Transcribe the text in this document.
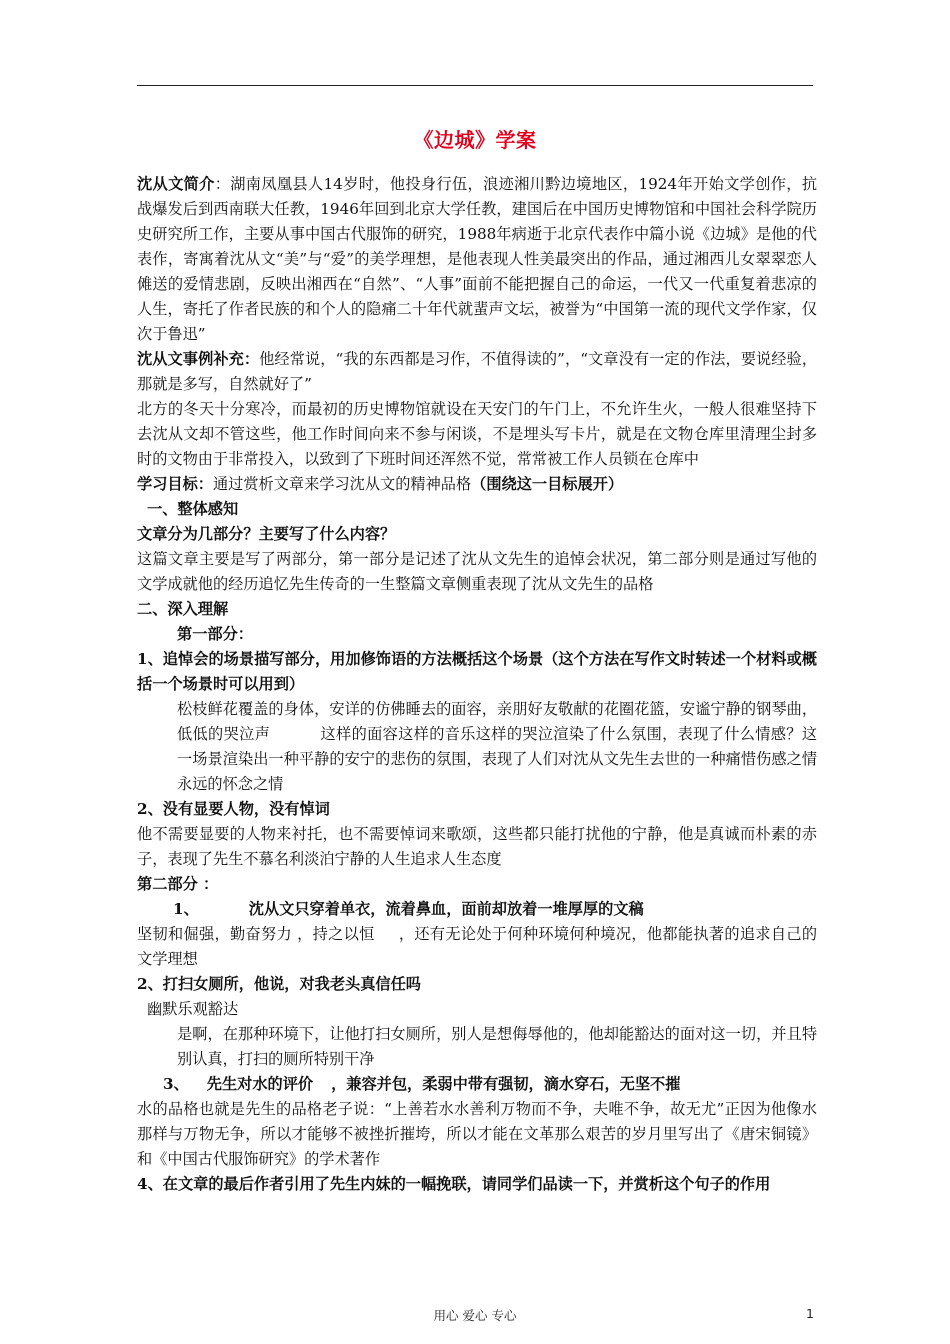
《边城》学案

沈从文简介：湖南凤凰县人14岁时，他投身行伍，浪迹湘川黔边境地区，1924年开始文学创作，抗战爆发后到西南联大任教，1946年回到北京大学任教，建国后在中国历史博物馆和中国社会科学院历史研究所工作，主要从事中国古代服饰的研究，1988年病逝于北京代表作中篇小说《边城》是他的代表作，寄寓着沈从文“美”与“爱”的美学理想，是他表现人性美最突出的作品，通过湘西儿女翠翠恋人傩送的爱情悲剧，反映出湘西在“自然”、“人事”面前不能把握自己的命运，一代又一代重复着悲凉的人生，寄托了作者民族的和个人的隐痛二十年代就蜚声文坛，被誉为“中国第一流的现代文学作家，仅次于鲁迅”

沈从文事例补充：他经常说，“我的东西都是习作，不值得读的”，“文章没有一定的作法，要说经验，那就是多写，自然就好了”

北方的冬天十分寒冷，而最初的历史博物馆就设在天安门的午门上，不允许生火，一般人很难坚持下去沈从文却不管这些，他工作时间向来不参与闲谈，不是埋头写卡片，就是在文物仓库里清理尘封多时的文物由于非常投入，以致到了下班时间还浑然不觉，常常被工作人员锁在仓库中

学习目标：通过赏析文章来学习沈从文的精神品格（围绕这一目标展开）

一、整体感知

文章分为几部分？主要写了什么内容？

这篇文章主要是写了两部分，第一部分是记述了沈从文先生的追悼会状况，第二部分则是通过写他的文学成就他的经历追忆先生传奇的一生整篇文章侧重表现了沈从文先生的品格

二、深入理解

第一部分：

1、追悼会的场景描写部分，用加修饰语的方法概括这个场景（这个方法在写作文时转述一个材料或概括一个场景时可以用到）

松枝鲜花覆盖的身体，安详的仿佛睡去的面容，亲朋好友敬献的花圈花篮，安谧宁静的钢琴曲，低低的哭泣声	这样的面容这样的音乐这样的哭泣渲染了什么氛围，表现了什么情感？这一场景渲染出一种平静的安宁的悲伤的氛围，表现了人们对沈从文先生去世的一种痛惜伤感之情永远的怀念之情

2、没有显要人物，没有悼词

他不需要显要的人物来衬托，也不需要悼词来歌颂，这些都只能打扰他的宁静，他是真诚而朴素的赤子，表现了先生不慕名利淡泊宁静的人生追求人生态度

第二部分 ：

1、	沈从文只穿着单衣，流着鼻血，面前却放着一堆厚厚的文稿

坚韧和倔强，勤奋努力 ，持之以恒 ，还有无论处于何种环境何种境况，他都能执著的追求自己的文学理想

2、打扫女厕所，他说，对我老头真信任吗

幽默乐观豁达

是啊，在那种环境下，让他打扫女厕所，别人是想侮辱他的，他却能豁达的面对这一切，并且特别认真，打扫的厕所特别干净

3、 先生对水的评价 ，兼容并包，柔弱中带有强韧，滴水穿石，无坚不摧

水的品格也就是先生的品格老子说：“上善若水水善利万物而不争，夫唯不争，故无尤”正因为他像水那样与万物无争，所以才能够不被挫折摧垮，所以才能在文革那么艰苦的岁月里写出了《唐宋铜镜》和《中国古代服饰研究》的学术著作

4、在文章的最后作者引用了先生内妹的一幅挽联，请同学们品读一下，并赏析这个句子的作用

用心 爱心 专心	1
